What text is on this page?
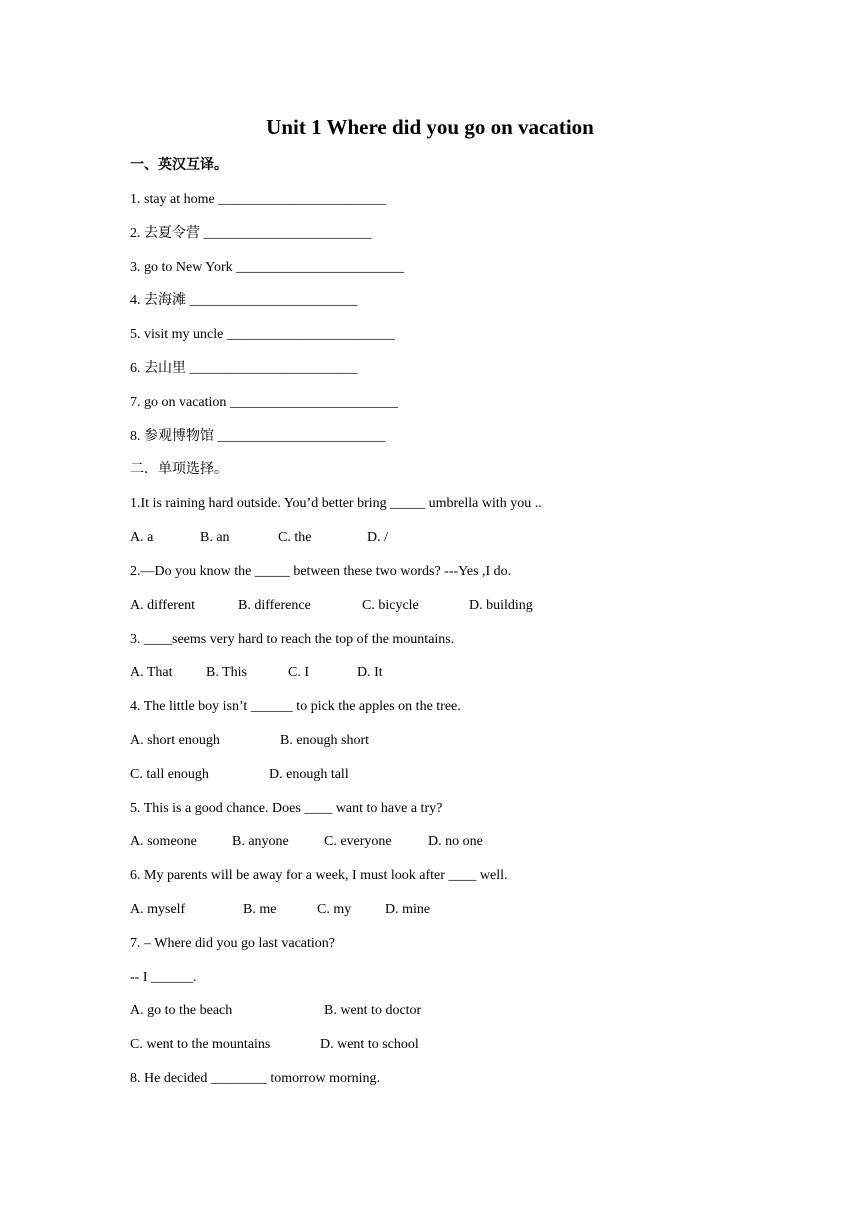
Unit 1 Where did you go on vacation
一、英汉互译。
1. stay at home ________________________
2. 去夏令营 ________________________
3. go to New York ________________________
4. 去海滩 ________________________
5. visit my uncle ________________________
6. 去山里 ________________________
7. go on vacation ________________________
8. 参观博物馆 ________________________
二．单项选择。
1.It is raining hard outside. You’d better bring _____ umbrella with you ..
A. a	B. an	C. the	D. /
2.—Do you know the _____ between these two words? ---Yes ,I do.
A. different	B. difference	C. bicycle	D. building
3. ____seems very hard to reach the top of the mountains.
A. That B. This	C. I	D. It
4. The little boy isn’t ______ to pick the apples on the tree.
A. short enough	B. enough short
C. tall enough	D. enough tall
5. This is a good chance. Does ____ want to have a try?
A. someone	B. anyone	C. everyone	D. no one
6. My parents will be away for a week, I must look after ____ well.
A. myself	B. me	C. my D. mine
7. – Where did you go last vacation?
-- I ______.
A. go to the beach	B. went to doctor
C. went to the mountains	D. went to school
8. He decided ________ tomorrow morning.
